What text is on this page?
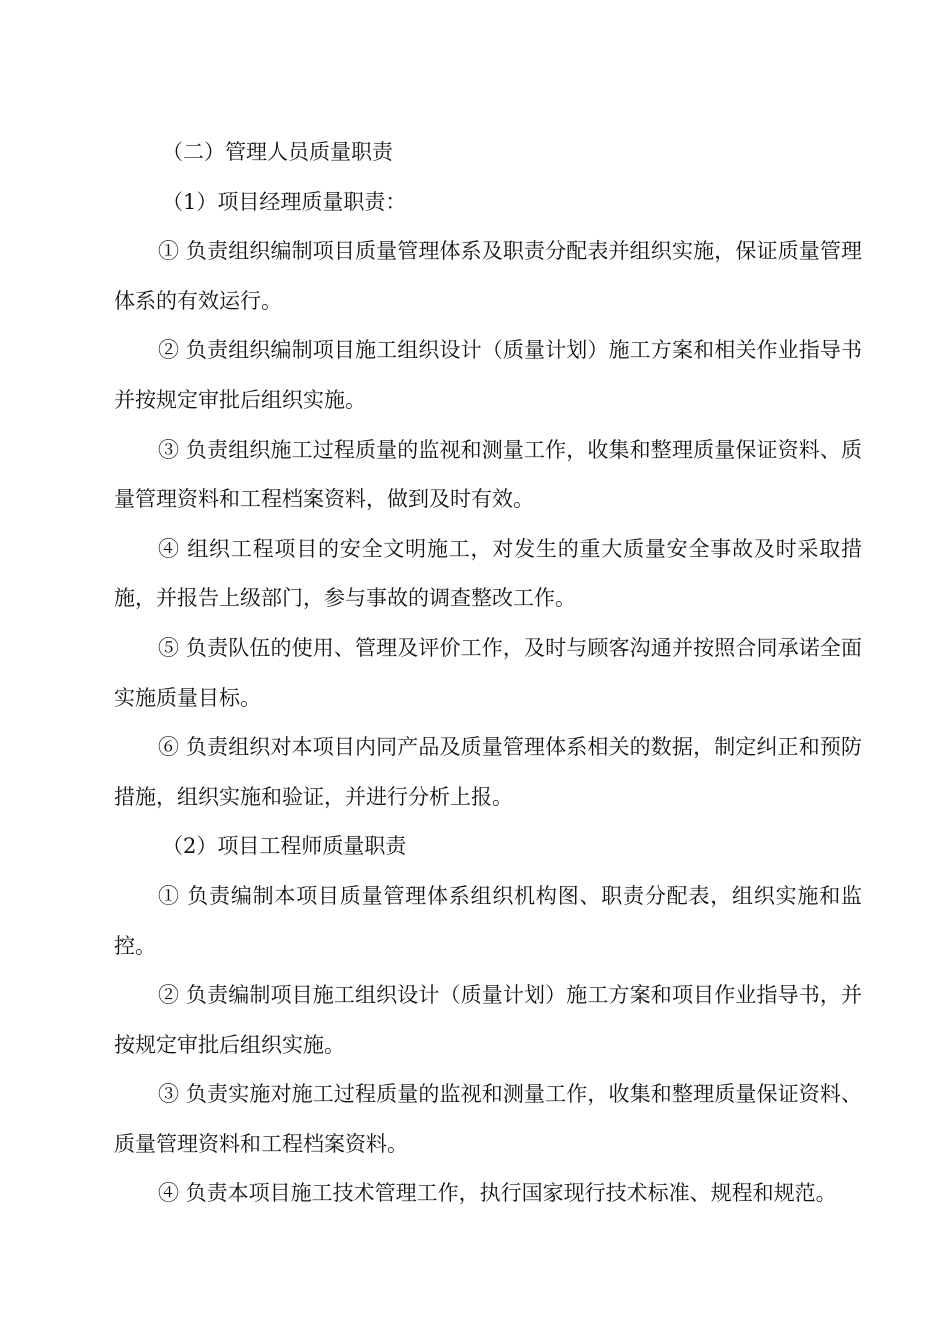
（二）管理人员质量职责

（1）项目经理质量职责：

① 负责组织编制项目质量管理体系及职责分配表并组织实施，保证质量管理体系的有效运行。

② 负责组织编制项目施工组织设计（质量计划）施工方案和相关作业指导书并按规定审批后组织实施。

③ 负责组织施工过程质量的监视和测量工作，收集和整理质量保证资料、质量管理资料和工程档案资料，做到及时有效。

④ 组织工程项目的安全文明施工，对发生的重大质量安全事故及时采取措施，并报告上级部门，参与事故的调查整改工作。

⑤ 负责队伍的使用、管理及评价工作，及时与顾客沟通并按照合同承诺全面实施质量目标。

⑥ 负责组织对本项目内同产品及质量管理体系相关的数据，制定纠正和预防措施，组织实施和验证，并进行分析上报。

（2）项目工程师质量职责

① 负责编制本项目质量管理体系组织机构图、职责分配表，组织实施和监控。

② 负责编制项目施工组织设计（质量计划）施工方案和项目作业指导书，并按规定审批后组织实施。

③ 负责实施对施工过程质量的监视和测量工作，收集和整理质量保证资料、质量管理资料和工程档案资料。

④ 负责本项目施工技术管理工作，执行国家现行技术标准、规程和规范。
